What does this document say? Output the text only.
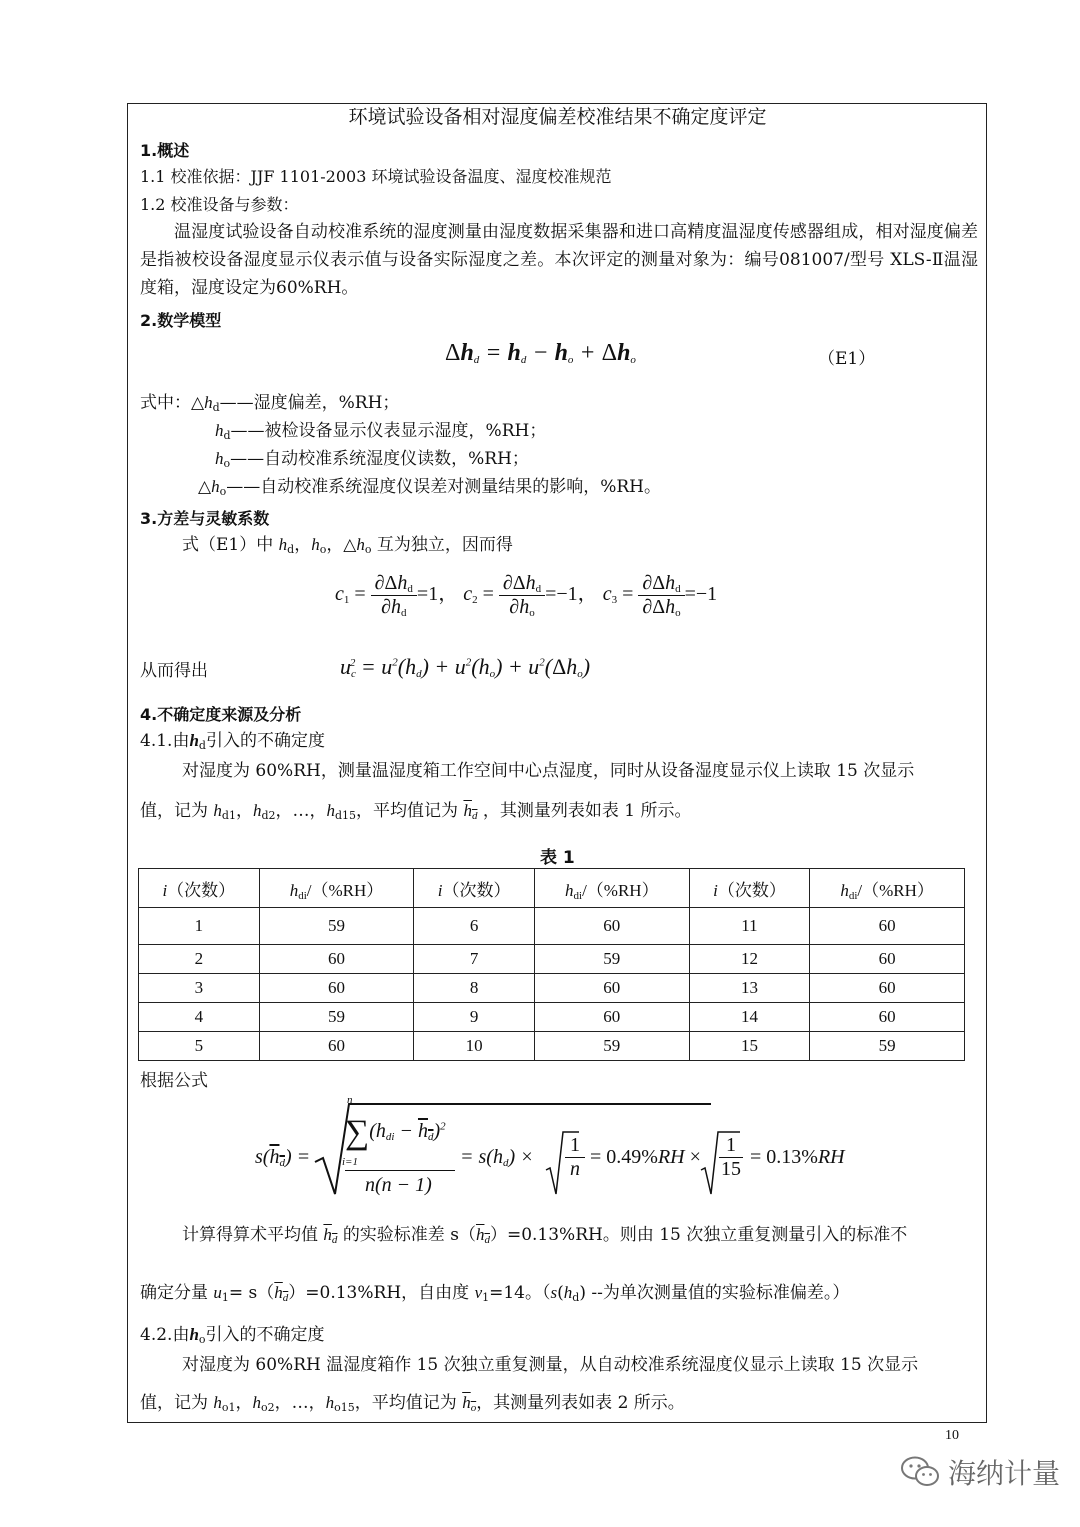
环境试验设备相对湿度偏差校准结果不确定度评定
1.概述
1.1 校准依据：JJF 1101-2003 环境试验设备温度、湿度校准规范
1.2 校准设备与参数：
温湿度试验设备自动校准系统的湿度测量由湿度数据采集器和进口高精度温湿度传感器组成，相对湿度偏差是指被校设备湿度显示仪表示值与设备实际湿度之差。本次评定的测量对象为：编号081007/型号 XLS-Ⅱ温湿度箱，湿度设定为60%RH。
2.数学模型
$\Delta h_d = h_d - h_o + \Delta h_o$	（E1）
式中：$\triangle h_d——$湿度偏差，%RH；
$h_d——$被检设备显示仪表显示湿度，%RH；
$h_o——$自动校准系统湿度仪读数，%RH；
$\triangle h_o——$自动校准系统湿度仪误差对测量结果的影响，%RH。
3.方差与灵敏系数
式（E1）中 $h_d$，$h_o$，$\triangle h_o$ 互为独立，因而得
$c_1 = \frac{\partial\Delta h_d}{\partial h_d} =1$， $c_2 = \frac{\partial\Delta h_d}{\partial h_o} =-1$， $c_3 = \frac{\partial\Delta h_d}{\partial\Delta h_o} =-1$
从而得出	$u_c^2 = u^2(h_d) + u^2(h_o) + u^2(\Delta h_o)$
4.不确定度来源及分析
4.1.由$h_d$引入的不确定度
对湿度为 60%RH，测量温湿度箱工作空间中心点湿度，同时从设备湿度显示仪上读取 15 次显示
值，记为 $h_{d1}$，$h_{d2}$，…，$h_{d15}$，平均值记为 $h_d$ ，其测量列表如表 1 所示。
表 1
i（次数）	$h_{di}/(\%RH)$	i（次数）	$h_{di}/(\%RH)$	i（次数）	$h_{di}/(\%RH)$
1	59	6	60	11	60
2	60	7	59	12	60
3	60	8	60	13	60
4	59	9	60	14	60
5	60	10	59	15	59
根据公式
$s(h_d)$ =
$\sum(h_{di} - h_d)^2$
n
i=1
n(n − 1)
= $s(h_d)$ ×
1
n
= 0.49%RH ×
1
15
= 0.13%RH
计算得算术平均值 $h_d$ 的实验标准差 $s(h_d)=0.13\%RH$。则由 15 次独立重复测量引入的标准不
确定分量 $u_1= s(h_d)=0.13\%RH$，自由度 $v_1=14$。（$s(h_d)$ --为单次测量值的实验标准偏差。）
4.2.由$h_o$引入的不确定度
对湿度为 60%RH 温湿度箱作 15 次独立重复测量，从自动校准系统湿度仪显示上读取 15 次显示
值，记为 $h_{o1}$，$h_{o2}$，…，$h_{o15}$，平均值记为 $h_o$，其测量列表如表 2 所示。
10
海纳计量
